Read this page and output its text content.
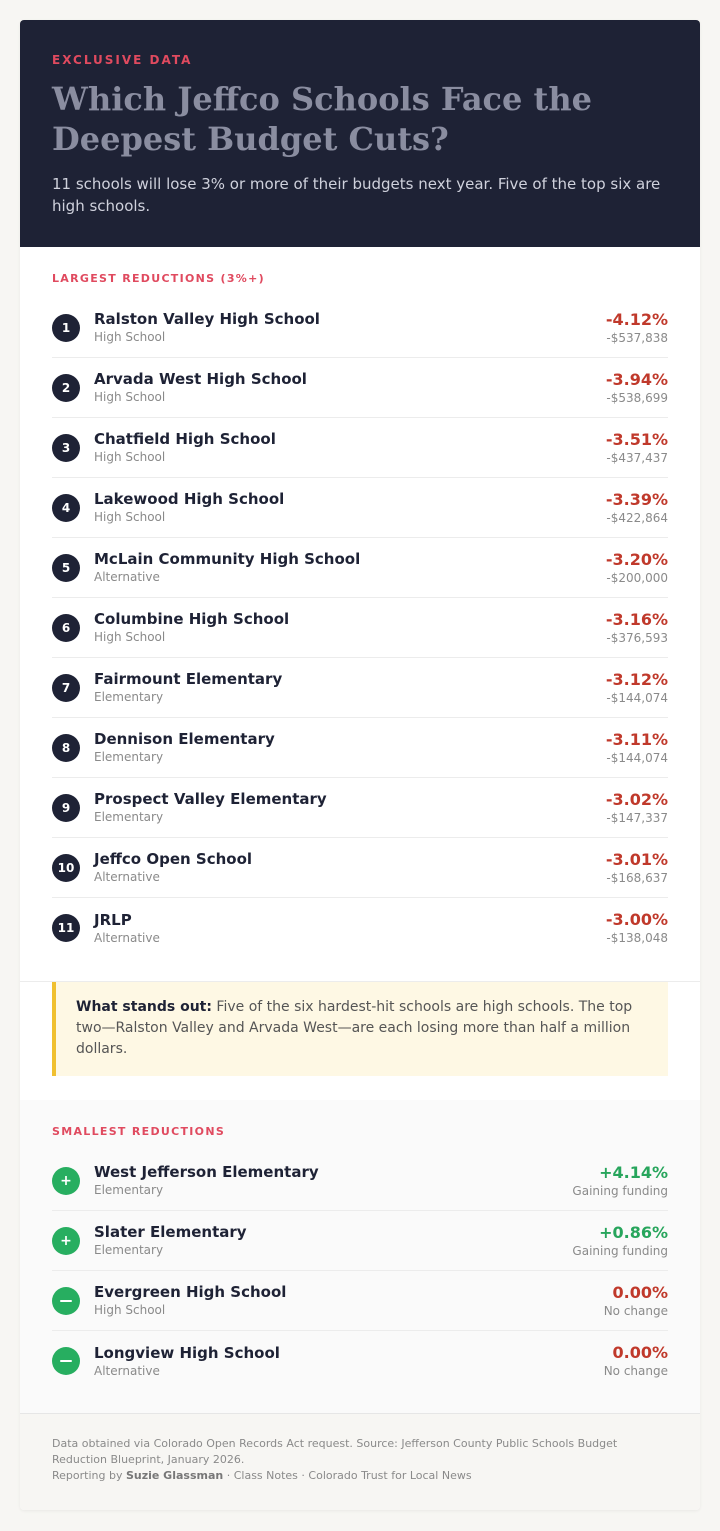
EXCLUSIVE DATA
Which Jeffco Schools Face the Deepest Budget Cuts?
11 schools will lose 3% or more of their budgets next year. Five of the top six are high schools.
LARGEST REDUCTIONS (3%+)
1	Ralston Valley High School
High School
-4.12%
-$537,838
2	Arvada West High School
High School
-3.94%
-$538,699
3	Chatfield High School
High School
-3.51%
-$437,437
4	Lakewood High School
High School
-3.39%
-$422,864
5	McLain Community High School
Alternative
-3.20%
-$200,000
6	Columbine High School
High School
-3.16%
-$376,593
7	Fairmount Elementary
Elementary
-3.12%
-$144,074
8	Dennison Elementary
Elementary
-3.11%
-$144,074
9	Prospect Valley Elementary
Elementary
-3.02%
-$147,337
10	Jeffco Open School
Alternative
-3.01%
-$168,637
11	JRLP
Alternative
-3.00%
-$138,048
What stands out: Five of the six hardest-hit schools are high schools. The top two—Ralston Valley and Arvada West—are each losing more than half a million dollars.
SMALLEST REDUCTIONS
+	West Jefferson Elementary
Elementary
+4.14%
Gaining funding
+	Slater Elementary
Elementary
+0.86%
Gaining funding
Evergreen High School
High School
0.00%
No change
Longview High School
Alternative
0.00%
No change
Data obtained via Colorado Open Records Act request. Source: Jefferson County Public Schools Budget Reduction Blueprint, January 2026.
Reporting by Suzie Glassman · Class Notes · Colorado Trust for Local News
